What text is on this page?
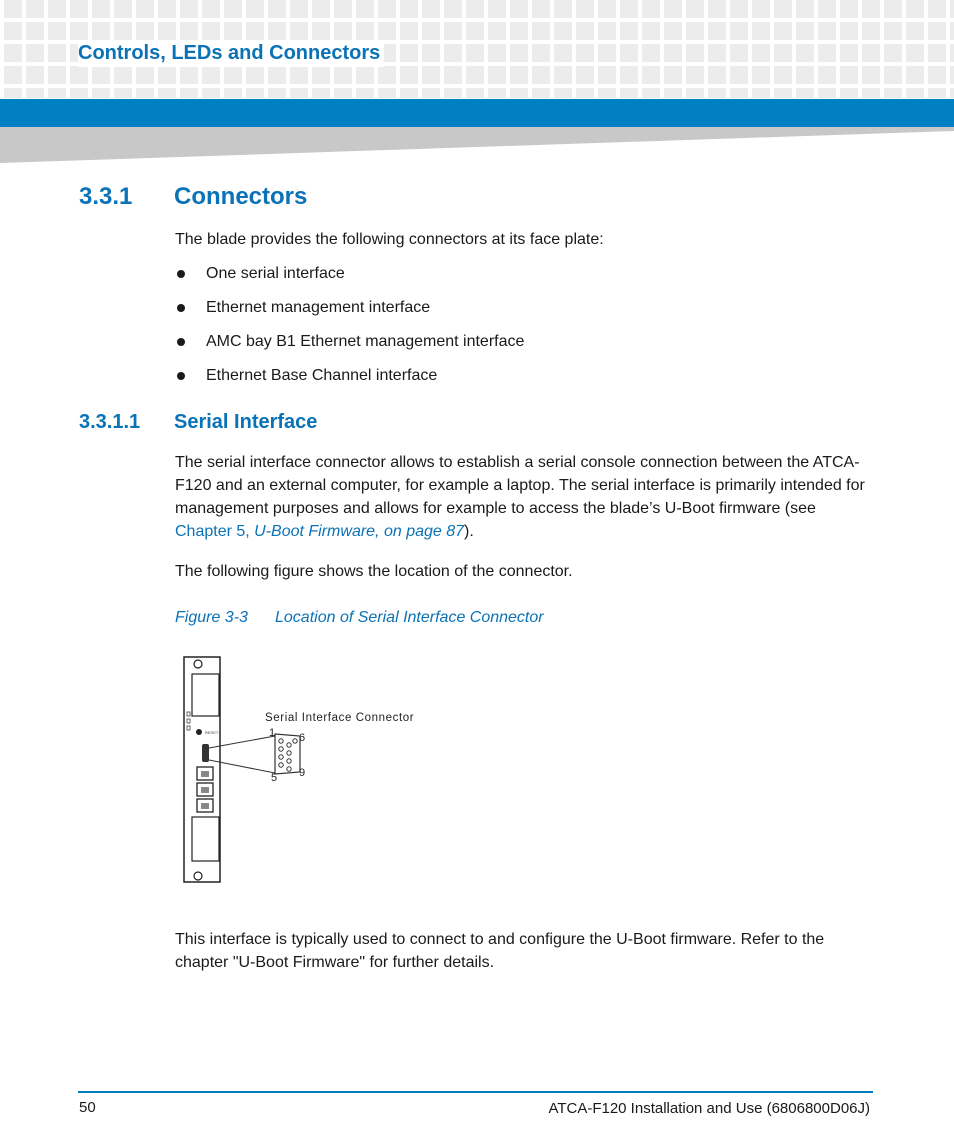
Controls, LEDs and Connectors
3.3.1 Connectors
The blade provides the following connectors at its face plate:
One serial interface
Ethernet management interface
AMC bay B1 Ethernet management interface
Ethernet Base Channel interface
3.3.1.1 Serial Interface
The serial interface connector allows to establish a serial console connection between the ATCA-F120 and an external computer, for example a laptop. The serial interface is primarily intended for management purposes and allows for example to access the blade’s U-Boot firmware (see Chapter 5, U-Boot Firmware, on page 87).
The following figure shows the location of the connector.
Figure 3-3 Location of Serial Interface Connector
RESET
Serial Interface Connector
1 6
5 9
This interface is typically used to connect to and configure the U-Boot firmware. Refer to the chapter "U-Boot Firmware" for further details.
50	ATCA-F120 Installation and Use (6806800D06J)
